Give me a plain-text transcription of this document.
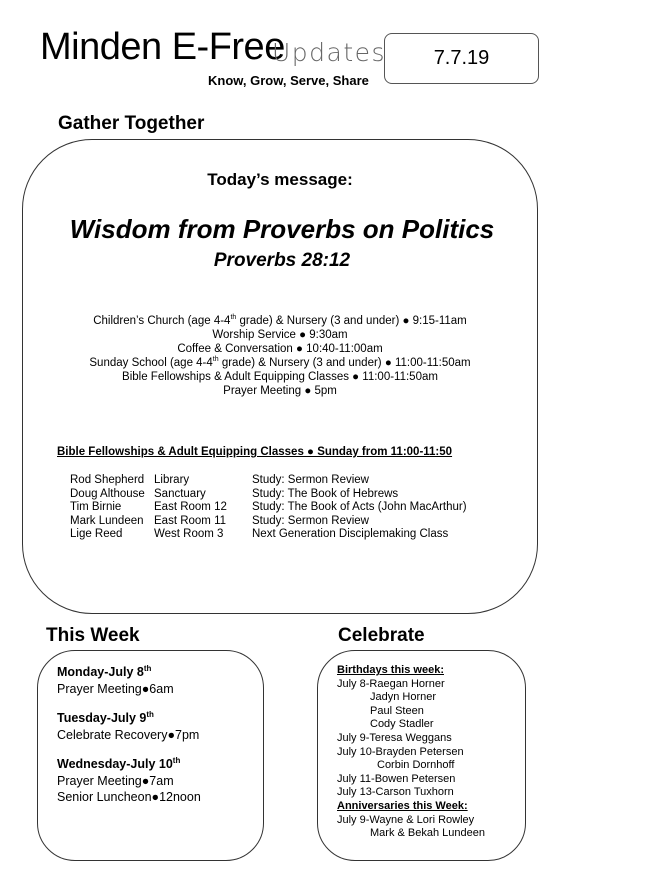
Minden E-Free
Updates
Know, Grow, Serve, Share
7.7.19
Gather Together
Today’s message:
Wisdom from Proverbs on Politics
Proverbs 28:12
Children’s Church (age 4-4th grade) & Nursery (3 and under) ● 9:15-11am
Worship Service ● 9:30am
Coffee & Conversation ● 10:40-11:00am
Sunday School (age 4-4th grade) & Nursery (3 and under) ● 11:00-11:50am
Bible Fellowships & Adult Equipping Classes ● 11:00-11:50am
Prayer Meeting ● 5pm
Bible Fellowships & Adult Equipping Classes ● Sunday from 11:00-11:50
Rod Shepherd	Library	Study: Sermon Review
Doug Althouse	Sanctuary	Study: The Book of Hebrews
Tim Birnie	East Room 12	Study: The Book of Acts (John MacArthur)
Mark Lundeen	East Room 11	Study: Sermon Review
Lige Reed	West Room 3	Next Generation Disciplemaking Class
This Week	Celebrate
Monday-July 8th
Prayer Meeting●6am
Tuesday-July 9th
Celebrate Recovery●7pm
Wednesday-July 10th
Prayer Meeting●7am
Senior Luncheon●12noon
Birthdays this week:
July 8-Raegan Horner
Jadyn Horner
Paul Steen
Cody Stadler
July 9-Teresa Weggans
July 10-Brayden Petersen
Corbin Dornhoff
July 11-Bowen Petersen
July 13-Carson Tuxhorn
Anniversaries this Week:
July 9-Wayne & Lori Rowley
Mark & Bekah Lundeen
